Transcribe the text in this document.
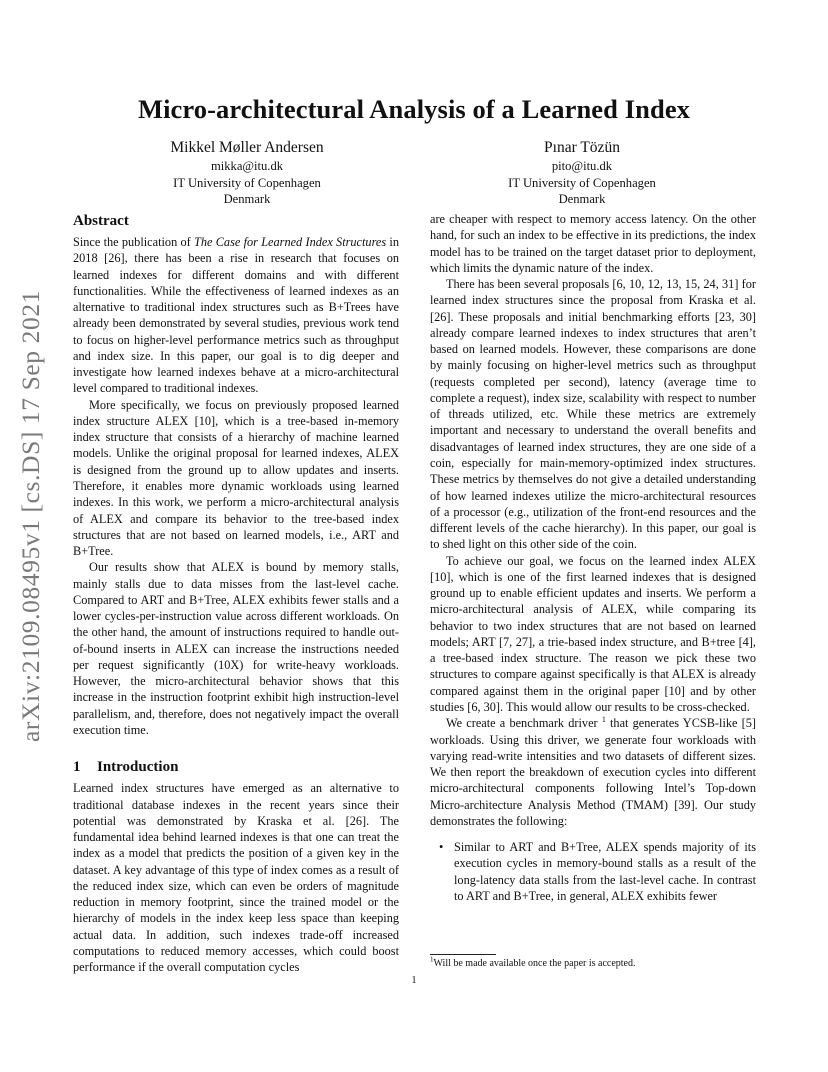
arXiv:2109.08495v1 [cs.DS] 17 Sep 2021
Micro-architectural Analysis of a Learned Index
Mikkel Møller Andersen
mikka@itu.dk
IT University of Copenhagen
Denmark
Pınar Tözün
pito@itu.dk
IT University of Copenhagen
Denmark
Abstract

Since the publication of The Case for Learned Index Structures in 2018 [26], there has been a rise in research that focuses on learned indexes for different domains and with different functionalities. While the effectiveness of learned indexes as an alternative to traditional index structures such as B+Trees have already been demonstrated by several studies, previous work tend to focus on higher-level performance metrics such as throughput and index size. In this paper, our goal is to dig deeper and investigate how learned indexes behave at a micro-architectural level compared to traditional indexes.

More specifically, we focus on previously proposed learned index structure ALEX [10], which is a tree-based in-memory index structure that consists of a hierarchy of machine learned models. Unlike the original proposal for learned indexes, ALEX is designed from the ground up to allow updates and inserts. Therefore, it enables more dynamic workloads using learned indexes. In this work, we perform a micro-architectural analysis of ALEX and compare its behavior to the tree-based index structures that are not based on learned models, i.e., ART and B+Tree.

Our results show that ALEX is bound by memory stalls, mainly stalls due to data misses from the last-level cache. Compared to ART and B+Tree, ALEX exhibits fewer stalls and a lower cycles-per-instruction value across different workloads. On the other hand, the amount of instructions required to handle out-of-bound inserts in ALEX can increase the instructions needed per request significantly (10X) for write-heavy workloads. However, the micro-architectural behavior shows that this increase in the instruction footprint exhibit high instruction-level parallelism, and, therefore, does not negatively impact the overall execution time.

1 Introduction

Learned index structures have emerged as an alternative to traditional database indexes in the recent years since their potential was demonstrated by Kraska et al. [26]. The fundamental idea behind learned indexes is that one can treat the index as a model that predicts the position of a given key in the dataset. A key advantage of this type of index comes as a result of the reduced index size, which can even be orders of magnitude reduction in memory footprint, since the trained model or the hierarchy of models in the index keep less space than keeping actual data. In addition, such indexes trade-off increased computations to reduced memory accesses, which could boost performance if the overall computation cycles

are cheaper with respect to memory access latency. On the other hand, for such an index to be effective in its predictions, the index model has to be trained on the target dataset prior to deployment, which limits the dynamic nature of the index.

There has been several proposals [6, 10, 12, 13, 15, 24, 31] for learned index structures since the proposal from Kraska et al. [26]. These proposals and initial benchmarking efforts [23, 30] already compare learned indexes to index structures that aren’t based on learned models. However, these comparisons are done by mainly focusing on higher-level metrics such as throughput (requests completed per second), latency (average time to complete a request), index size, scalability with respect to number of threads utilized, etc. While these metrics are extremely important and necessary to understand the overall benefits and disadvantages of learned index structures, they are one side of a coin, especially for main-memory-optimized index structures. These metrics by themselves do not give a detailed understanding of how learned indexes utilize the micro-architectural resources of a processor (e.g., utilization of the front-end resources and the different levels of the cache hierarchy). In this paper, our goal is to shed light on this other side of the coin.

To achieve our goal, we focus on the learned index ALEX [10], which is one of the first learned indexes that is designed ground up to enable efficient updates and inserts. We perform a micro-architectural analysis of ALEX, while comparing its behavior to two index structures that are not based on learned models; ART [7, 27], a trie-based index structure, and B+tree [4], a tree-based index structure. The reason we pick these two structures to compare against specifically is that ALEX is already compared against them in the original paper [10] and by other studies [6, 30]. This would allow our results to be cross-checked.

We create a benchmark driver $^1$ that generates YCSB-like [5] workloads. Using this driver, we generate four workloads with varying read-write intensities and two datasets of different sizes. We then report the breakdown of execution cycles into different micro-architectural components following Intel’s Top-down Micro-architecture Analysis Method (TMAM) [39]. Our study demonstrates the following:

• Similar to ART and B+Tree, ALEX spends majority of its execution cycles in memory-bound stalls as a result of the long-latency data stalls from the last-level cache. In contrast to ART and B+Tree, in general, ALEX exhibits fewer
$^1$Will be made available once the paper is accepted.
1
